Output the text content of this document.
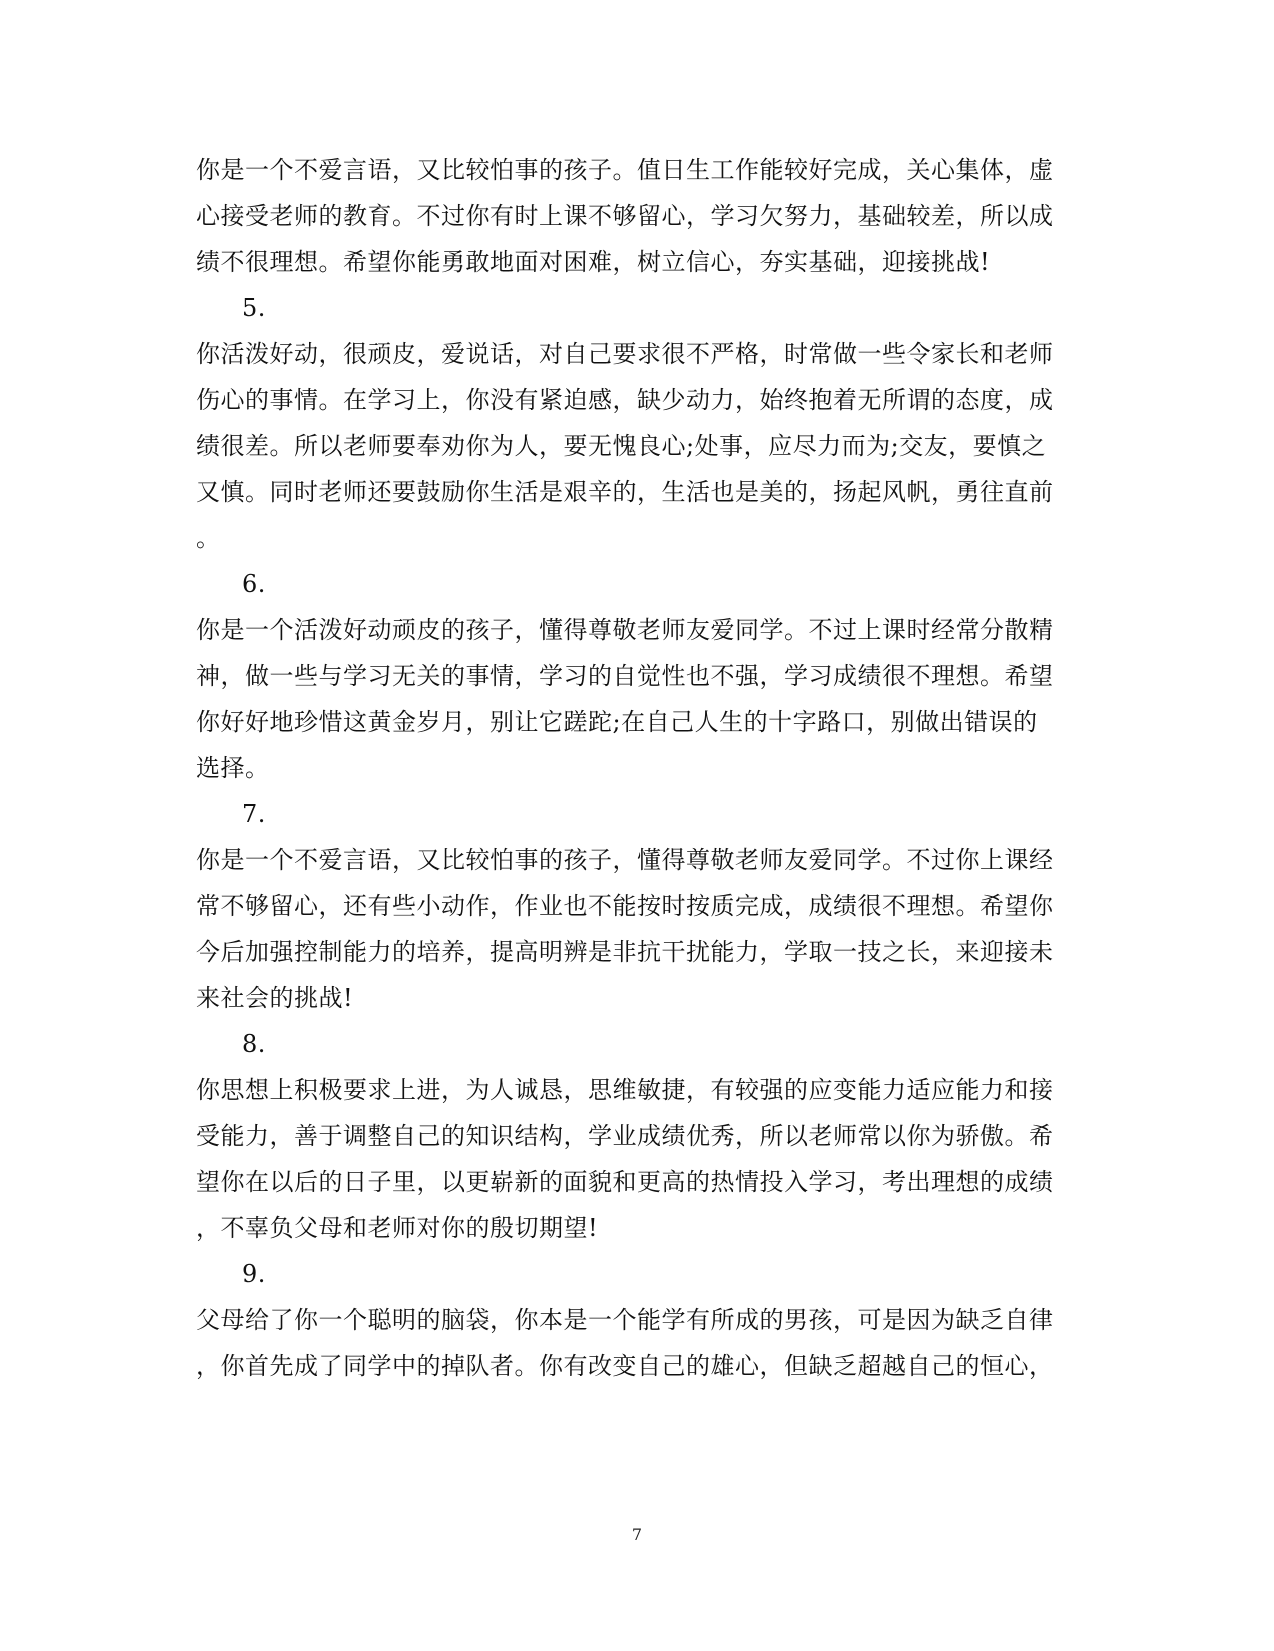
你是一个不爱言语，又比较怕事的孩子。值日生工作能较好完成，关心集体，虚
心接受老师的教育。不过你有时上课不够留心，学习欠努力，基础较差，所以成
绩不很理想。希望你能勇敢地面对困难，树立信心，夯实基础，迎接挑战!
5.
你活泼好动，很顽皮，爱说话，对自己要求很不严格，时常做一些令家长和老师
伤心的事情。在学习上，你没有紧迫感，缺少动力，始终抱着无所谓的态度，成
绩很差。所以老师要奉劝你为人，要无愧良心;处事，应尽力而为;交友，要慎之
又慎。同时老师还要鼓励你生活是艰辛的，生活也是美的，扬起风帆，勇往直前
。
6.
你是一个活泼好动顽皮的孩子，懂得尊敬老师友爱同学。不过上课时经常分散精
神，做一些与学习无关的事情，学习的自觉性也不强，学习成绩很不理想。希望
你好好地珍惜这黄金岁月，别让它蹉跎;在自己人生的十字路口，别做出错误的
选择。
7.
你是一个不爱言语，又比较怕事的孩子，懂得尊敬老师友爱同学。不过你上课经
常不够留心，还有些小动作，作业也不能按时按质完成，成绩很不理想。希望你
今后加强控制能力的培养，提高明辨是非抗干扰能力，学取一技之长，来迎接未
来社会的挑战!
8.
你思想上积极要求上进，为人诚恳，思维敏捷，有较强的应变能力适应能力和接
受能力，善于调整自己的知识结构，学业成绩优秀，所以老师常以你为骄傲。希
望你在以后的日子里，以更崭新的面貌和更高的热情投入学习，考出理想的成绩
，不辜负父母和老师对你的殷切期望!
9.
父母给了你一个聪明的脑袋，你本是一个能学有所成的男孩，可是因为缺乏自律
，你首先成了同学中的掉队者。你有改变自己的雄心，但缺乏超越自己的恒心，
7
